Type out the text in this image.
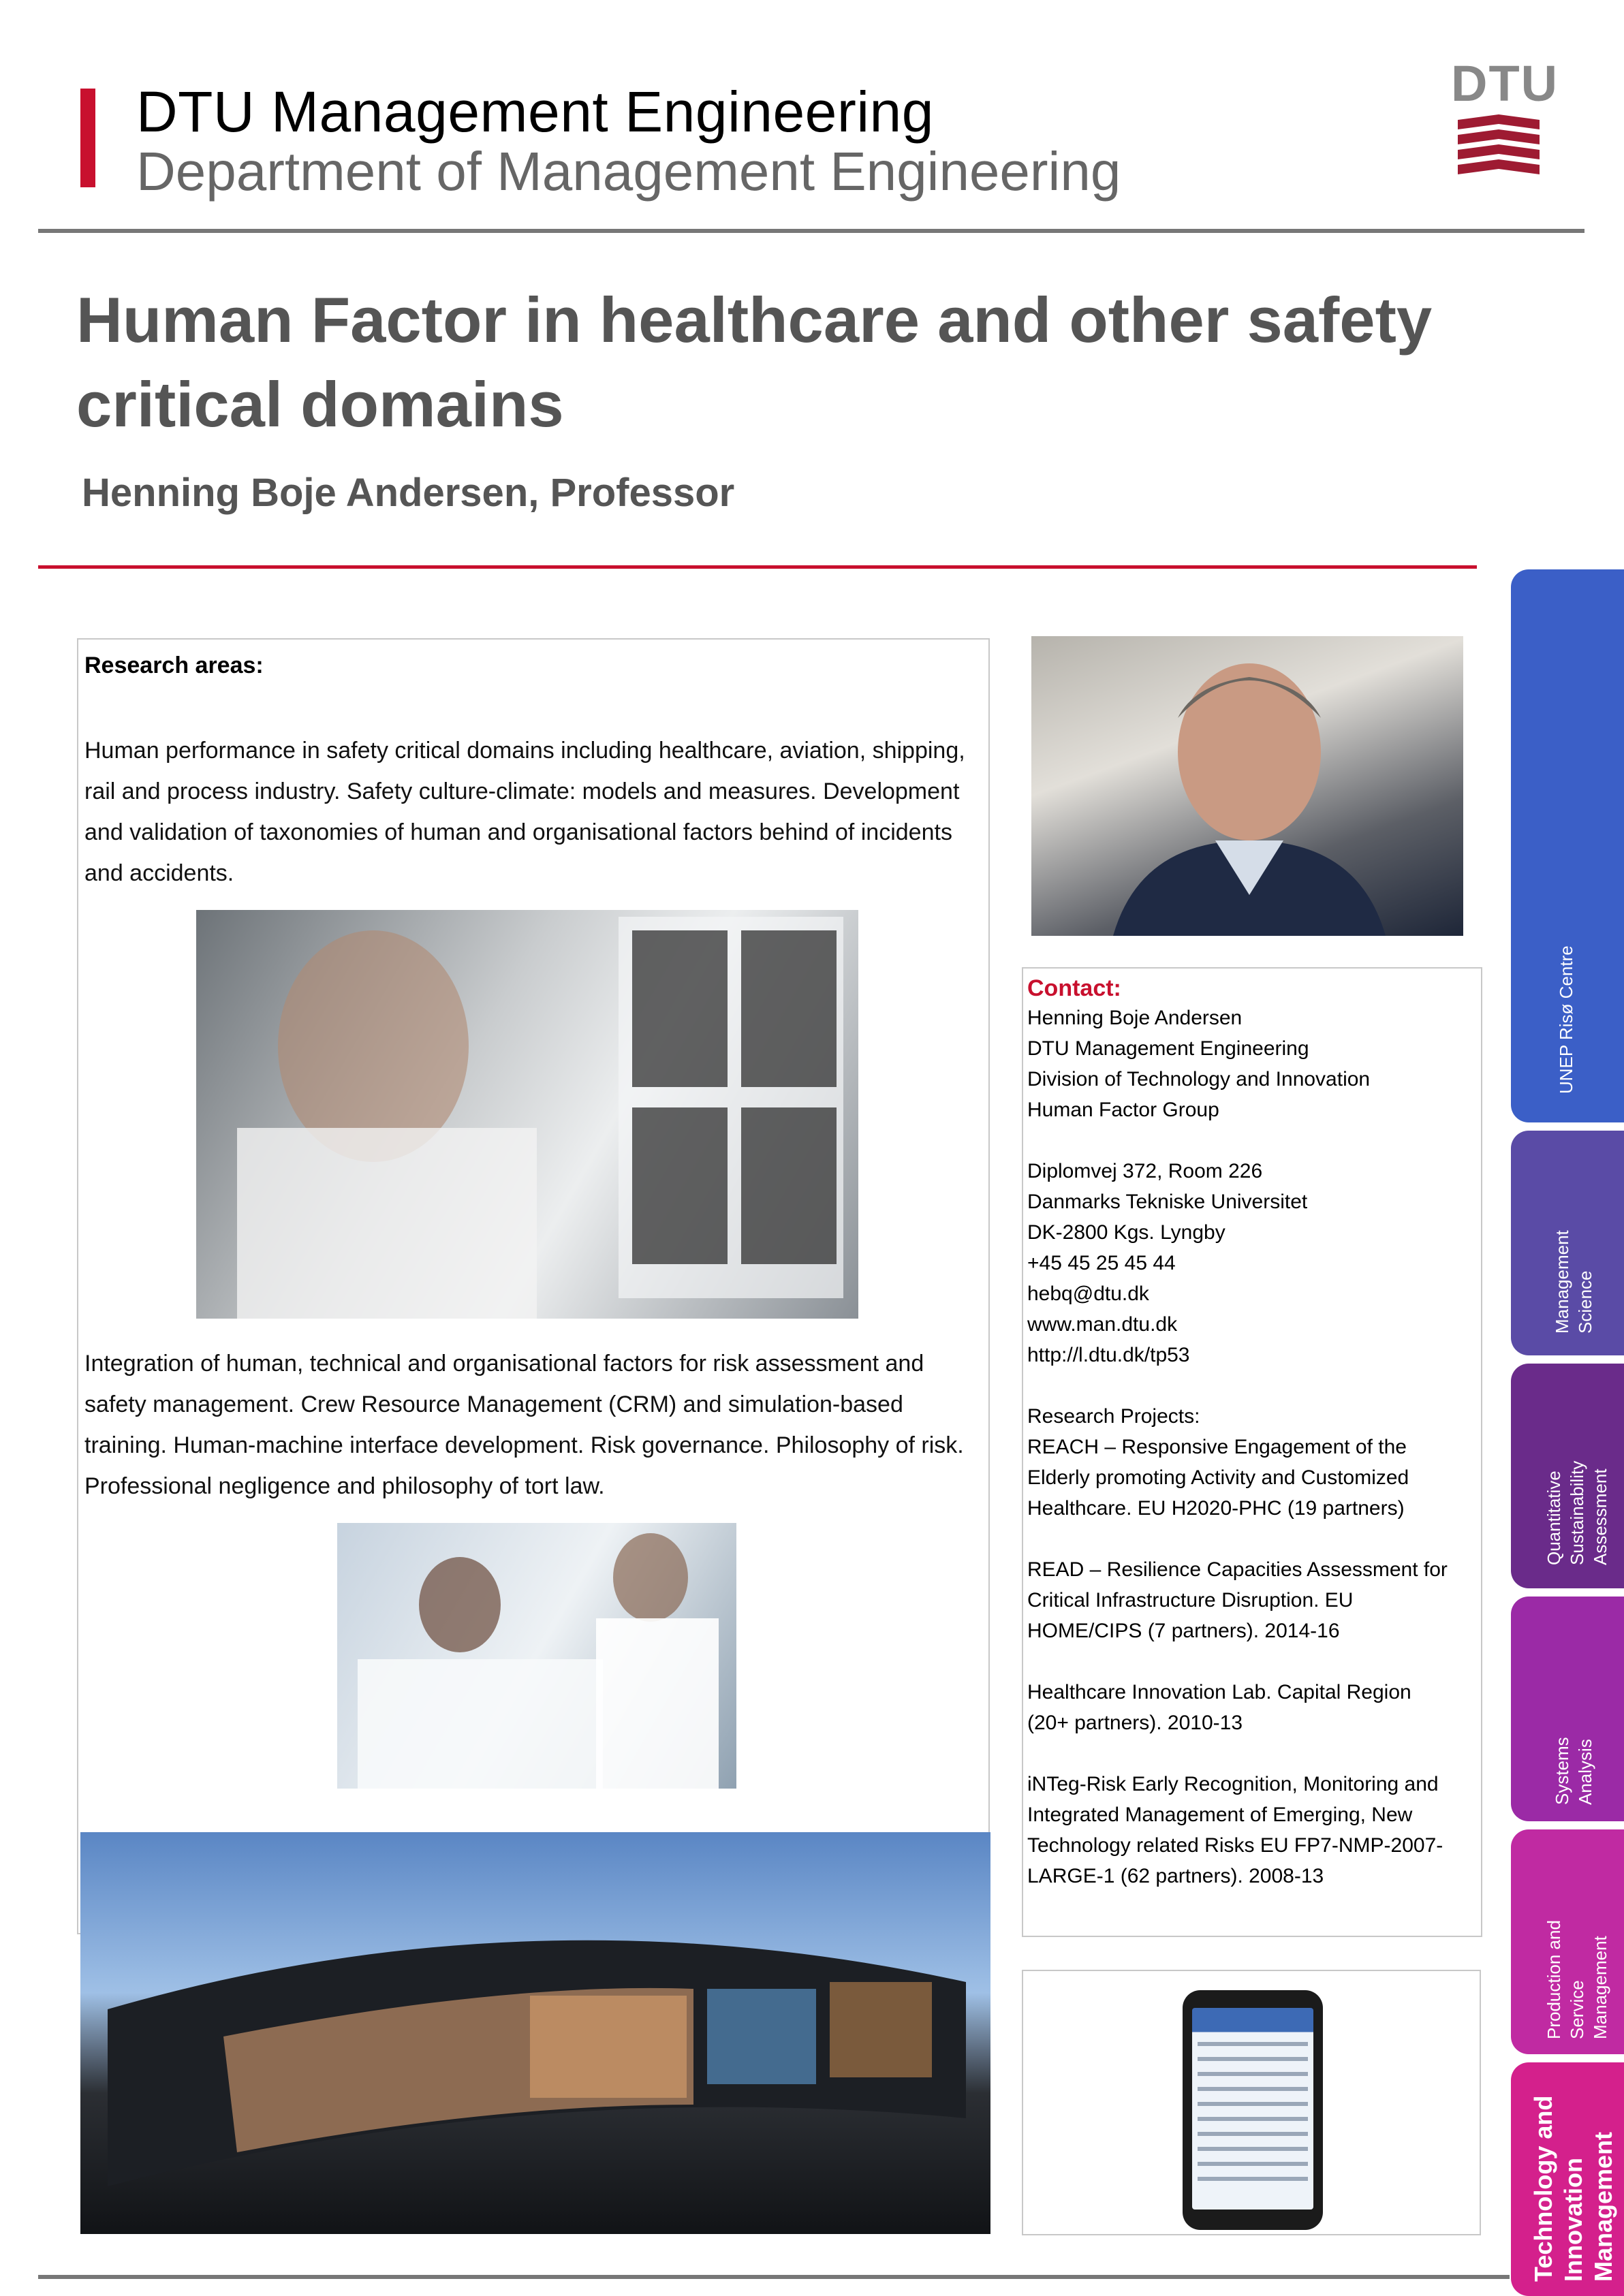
DTU Management Engineering
Department of Management Engineering
DTU
Human Factor in healthcare and other safety critical domains
Henning Boje Andersen, Professor
Research areas:
Human performance in safety critical domains including healthcare, aviation, shipping, rail and process industry. Safety culture-climate: models and measures. Development and validation of taxonomies of human and organisational factors behind of incidents and accidents.
Integration of human, technical and organisational factors for risk assessment and safety management. Crew Resource Management (CRM) and simulation-based training. Human-machine interface development. Risk governance. Philosophy of risk. Professional negligence and philosophy of tort law.
Contact:
Henning Boje Andersen
DTU Management Engineering
Division of Technology and Innovation
Human Factor Group
Diplomvej 372, Room 226
Danmarks Tekniske Universitet
DK-2800 Kgs. Lyngby
+45 45 25 45 44
hebq@dtu.dk
www.man.dtu.dk
http://l.dtu.dk/tp53
Research Projects:
REACH – Responsive Engagement of the
Elderly promoting Activity and Customized
Healthcare. EU H2020-PHC (19 partners)
READ – Resilience Capacities Assessment for
Critical Infrastructure Disruption. EU
HOME/CIPS (7 partners). 2014-16
Healthcare Innovation Lab. Capital Region
(20+ partners). 2010-13
iNTeg-Risk Early Recognition, Monitoring and
Integrated Management of Emerging, New
Technology related Risks EU FP7-NMP-2007-
LARGE-1 (62 partners). 2008-13
UNEP Risø Centre
Management Science
Quantitative Sustainability Assessment
Systems Analysis
Production and Service Management
Technology and Innovation Management
